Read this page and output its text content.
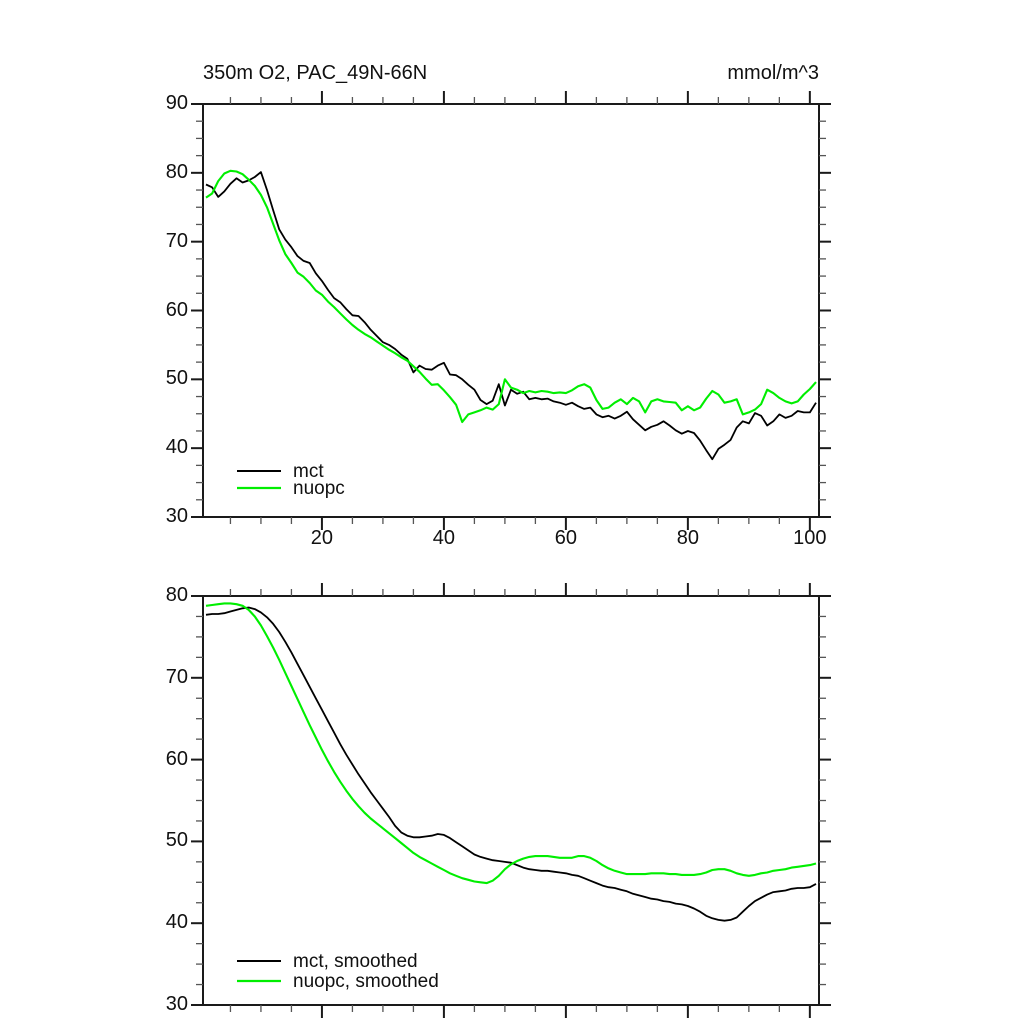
350m O2, PAC_49N-66N	mmol/m^3
30
40
50
60
70
80
90
20	40	60	80	100
30
40
50
60
70
80
mct
nuopc
mct, smoothed
nuopc, smoothed
